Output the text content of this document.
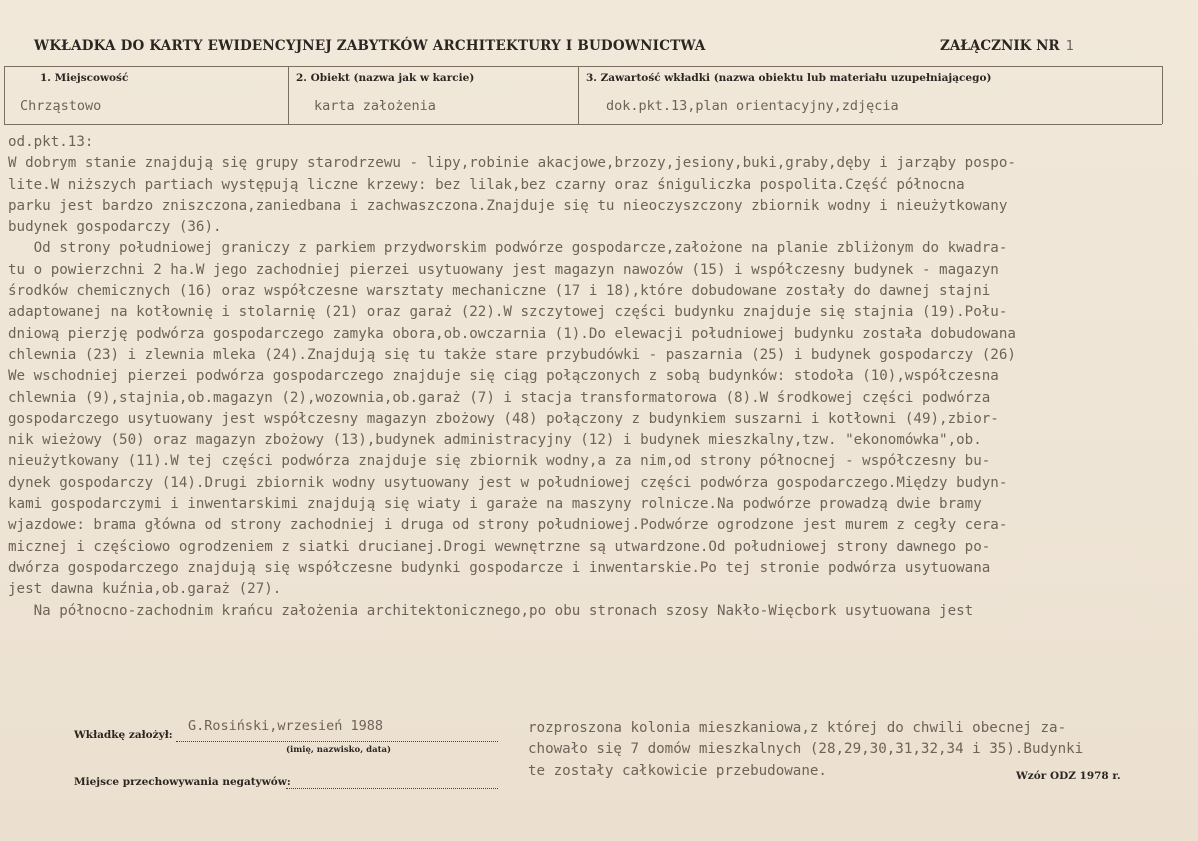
WKŁADKA DO KARTY EWIDENCYJNEJ ZABYTKÓW ARCHITEKTURY I BUDOWNICTWA	ZAŁĄCZNIK NR 1
1. Miejscowość	2. Obiekt (nazwa jak w karcie)	3. Zawartość wkładki (nazwa obiektu lub materiału uzupełniającego)
Chrząstowo	karta założenia	dok.pkt.13,plan orientacyjny,zdjęcia
od.pkt.13:
W dobrym stanie znajdują się grupy starodrzewu - lipy,robinie akacjowe,brzozy,jesiony,buki,graby,dęby i jarząby pospo-
lite.W niższych partiach występują liczne krzewy: bez lilak,bez czarny oraz śniguliczka pospolita.Część północna
parku jest bardzo zniszczona,zaniedbana i zachwaszczona.Znajduje się tu nieoczyszczony zbiornik wodny i nieużytkowany
budynek gospodarczy (36).
Od strony południowej graniczy z parkiem przydworskim podwórze gospodarcze,założone na planie zbliżonym do kwadra-
tu o powierzchni 2 ha.W jego zachodniej pierzei usytuowany jest magazyn nawozów (15) i współczesny budynek - magazyn
środków chemicznych (16) oraz współczesne warsztaty mechaniczne (17 i 18),które dobudowane zostały do dawnej stajni
adaptowanej na kotłownię i stolarnię (21) oraz garaż (22).W szczytowej części budynku znajduje się stajnia (19).Połu-
dniową pierzję podwórza gospodarczego zamyka obora,ob.owczarnia (1).Do elewacji południowej budynku została dobudowana
chlewnia (23) i zlewnia mleka (24).Znajdują się tu także stare przybudówki - paszarnia (25) i budynek gospodarczy (26)
We wschodniej pierzei podwórza gospodarczego znajduje się ciąg połączonych z sobą budynków: stodoła (10),współczesna
chlewnia (9),stajnia,ob.magazyn (2),wozownia,ob.garaż (7) i stacja transformatorowa (8).W środkowej części podwórza
gospodarczego usytuowany jest współczesny magazyn zbożowy (48) połączony z budynkiem suszarni i kotłowni (49),zbior-
nik wieżowy (50) oraz magazyn zbożowy (13),budynek administracyjny (12) i budynek mieszkalny,tzw. "ekonomówka",ob.
nieużytkowany (11).W tej części podwórza znajduje się zbiornik wodny,a za nim,od strony północnej - współczesny bu-
dynek gospodarczy (14).Drugi zbiornik wodny usytuowany jest w południowej części podwórza gospodarczego.Między budyn-
kami gospodarczymi i inwentarskimi znajdują się wiaty i garaże na maszyny rolnicze.Na podwórze prowadzą dwie bramy
wjazdowe: brama główna od strony zachodniej i druga od strony południowej.Podwórze ogrodzone jest murem z cegły cera-
micznej i częściowo ogrodzeniem z siatki drucianej.Drogi wewnętrzne są utwardzone.Od południowej strony dawnego po-
dwórza gospodarczego znajdują się współczesne budynki gospodarcze i inwentarskie.Po tej stronie podwórza usytuowana
jest dawna kuźnia,ob.garaż (27).
Na północno-zachodnim krańcu założenia architektonicznego,po obu stronach szosy Nakło-Więcbork usytuowana jest
Wkładkę założył:
G.Rosiński,wrzesień 1988
(imię, nazwisko, data)
Miejsce przechowywania negatywów:
rozproszona kolonia mieszkaniowa,z której do chwili obecnej za-
chowało się 7 domów mieszkalnych (28,29,30,31,32,34 i 35).Budynki
te zostały całkowicie przebudowane.	Wzór ODZ 1978 r.
